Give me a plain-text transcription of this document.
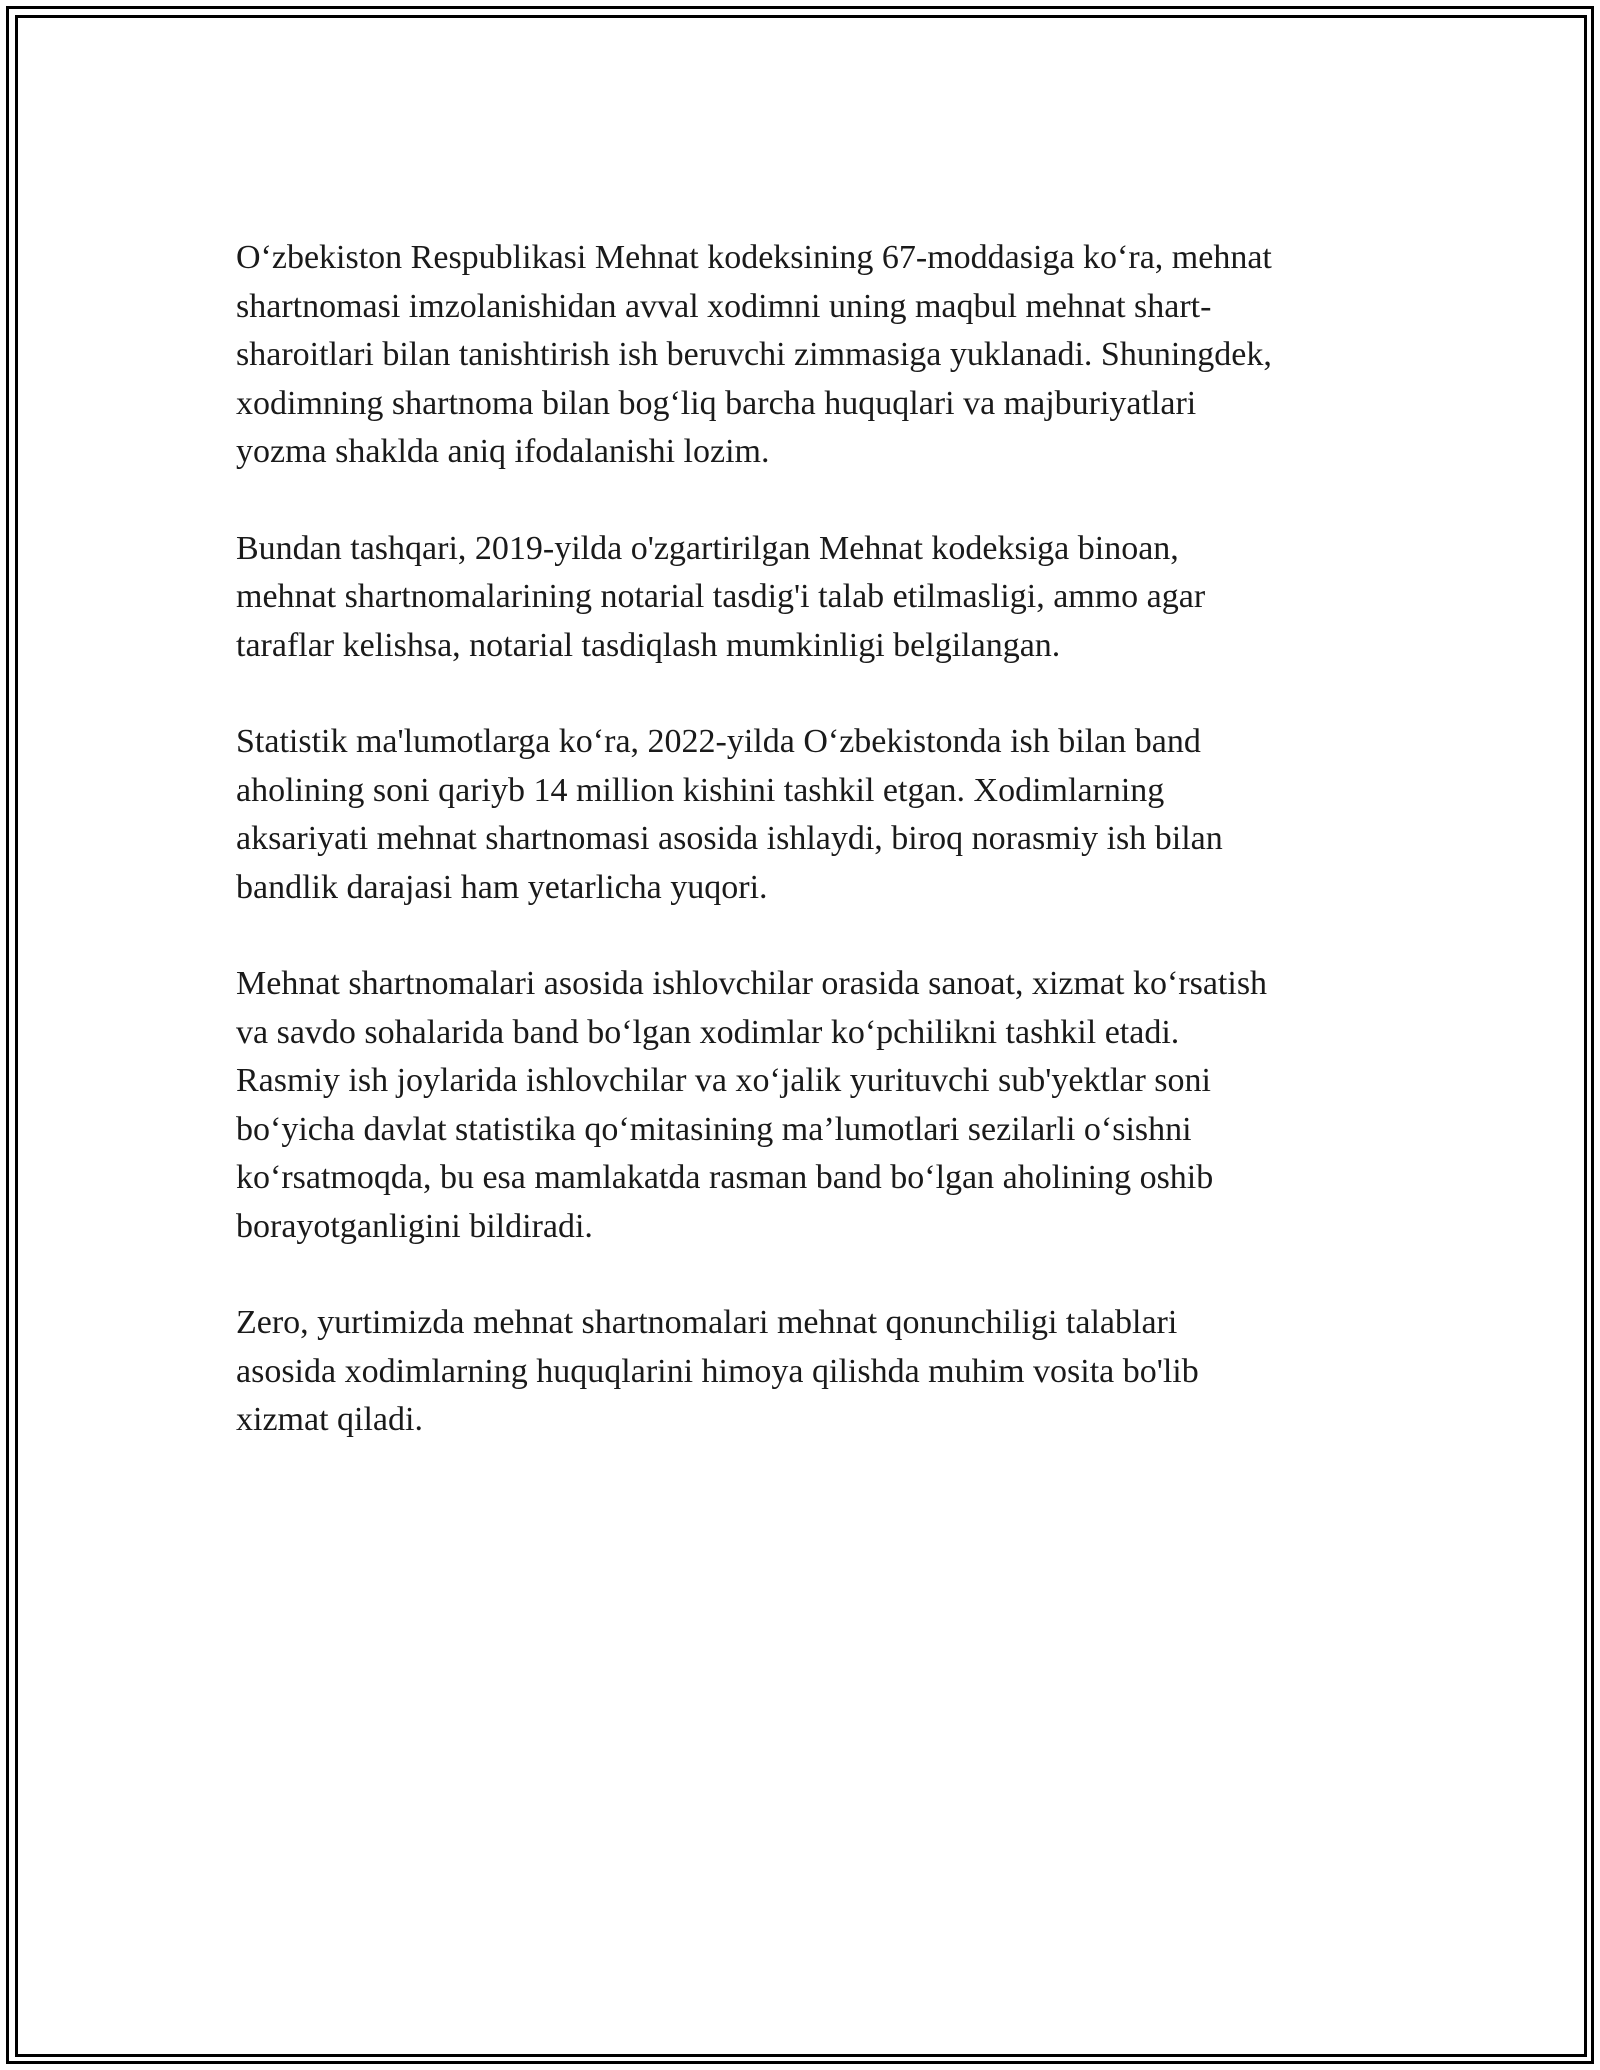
O‘zbekiston Respublikasi Mehnat kodeksining 67-moddasiga ko‘ra, mehnat
shartnomasi imzolanishidan avval xodimni uning maqbul mehnat shart-
sharoitlari bilan tanishtirish ish beruvchi zimmasiga yuklanadi. Shuningdek,
xodimning shartnoma bilan bog‘liq barcha huquqlari va majburiyatlari
yozma shaklda aniq ifodalanishi lozim.

Bundan tashqari, 2019-yilda o'zgartirilgan Mehnat kodeksiga binoan,
mehnat shartnomalarining notarial tasdig'i talab etilmasligi, ammo agar
taraflar kelishsa, notarial tasdiqlash mumkinligi belgilangan.

Statistik ma'lumotlarga ko‘ra, 2022-yilda O‘zbekistonda ish bilan band
aholining soni qariyb 14 million kishini tashkil etgan. Xodimlarning
aksariyati mehnat shartnomasi asosida ishlaydi, biroq norasmiy ish bilan
bandlik darajasi ham yetarlicha yuqori.

Mehnat shartnomalari asosida ishlovchilar orasida sanoat, xizmat ko‘rsatish
va savdo sohalarida band bo‘lgan xodimlar ko‘pchilikni tashkil etadi.
Rasmiy ish joylarida ishlovchilar va xo‘jalik yurituvchi sub'yektlar soni
bo‘yicha davlat statistika qo‘mitasining ma’lumotlari sezilarli o‘sishni
ko‘rsatmoqda, bu esa mamlakatda rasman band bo‘lgan aholining oshib
borayotganligini bildiradi.

Zero, yurtimizda mehnat shartnomalari mehnat qonunchiligi talablari
asosida xodimlarning huquqlarini himoya qilishda muhim vosita bo'lib
xizmat qiladi.
